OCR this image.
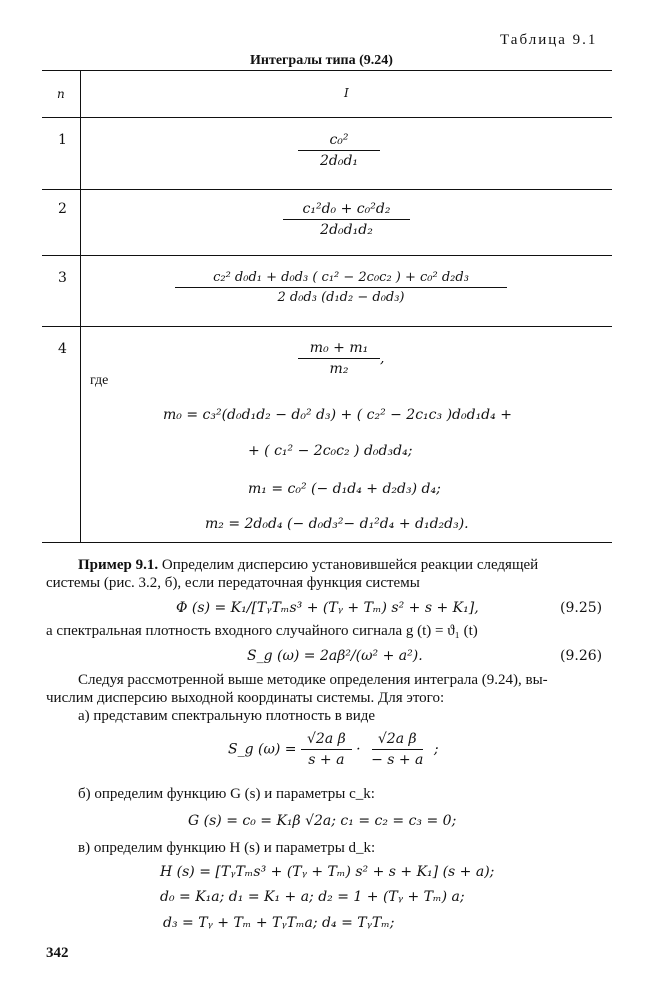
Таблица 9.1
Интегралы типа (9.24)
n	I
1	$\frac{\text{c₀²}}{\text{2d₀d₁}}$
2	$\frac{\text{c₁²d₀ + c₀²d₂}}{\text{2d₀d₁d₂}}$
3	$\frac{\text{c₂² d₀d₁ + d₀d₃ ( c₁² − 2c₀c₂ ) + c₀² d₂d₃}}{\text{2 d₀d₃ (d₁d₂ − d₀d₃)}}$
4	$\frac{\text{m₀ + m₁}}{\text{m₂}}$ ,
где
m₀ = c₃²(d₀d₁d₂ − d₀² d₃) + ( c₂² − 2c₁c₃ )d₀d₁d₄ +
+ ( c₁² − 2c₀c₂ ) d₀d₃d₄;
m₁ = c₀² (− d₁d₄ + d₂d₃) d₄;
m₂ = 2d₀d₄ (− d₀d₃²− d₁²d₄ + d₁d₂d₃).
Пример 9.1. Определим дисперсию установившейся реакции следящей
системы (рис. 3.2, б), если передаточная функция системы
Φ (s) = K₁/[TᵧTₘs³ + (Tᵧ + Tₘ) s² + s + K₁],	(9.25)
а спектральная плотность входного случайного сигнала g (t) = ϑ₁ (t)
S_g (ω) = 2aβ²/(ω² + a²).	(9.26)
Следуя рассмотренной выше методике определения интеграла (9.24), вы-
числим дисперсию выходной координаты системы. Для этого:
а) представим спектральную плотность в виде
S_g $(\omega) = \frac{\text{√2a β}}{s + a} \cdot \frac{\text{√2a β}}{- s + a}$ ;
б) определим функцию G (s) и параметры c_k:
G (s) = c₀ = K₁β √2a; c₁ = c₂ = c₃ = 0;
в) определим функцию H (s) и параметры d_k:
H (s) = [TᵧTₘs³ + (Tᵧ + Tₘ) s² + s + K₁] (s + a);
d₀ = K₁a; d₁ = K₁ + a; d₂ = 1 + (Tᵧ + Tₘ) a;
d₃ = Tᵧ + Tₘ + TᵧTₘa; d₄ = TᵧTₘ;
342
